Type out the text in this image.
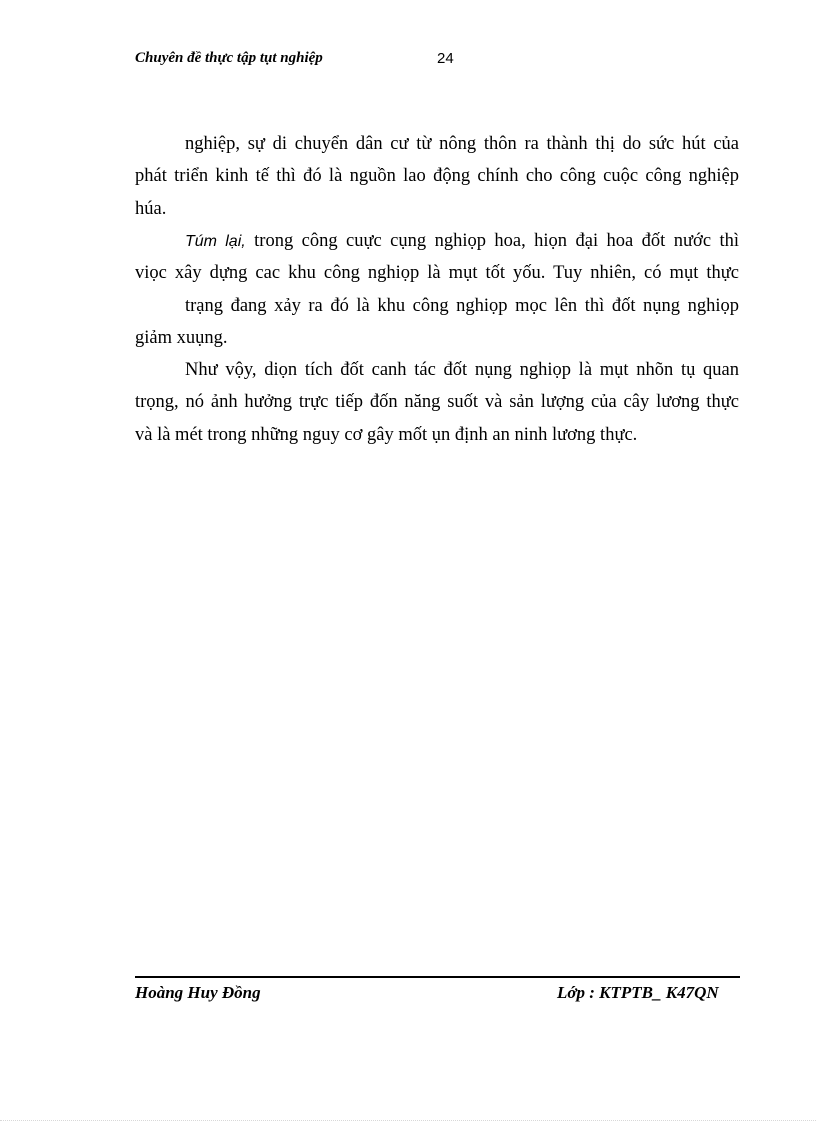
Chuyên đề thực tập tụt nghiệp	24
nghiệp, sự di chuyển dân cư từ nông thôn ra thành thị do sức hút của
phát triển kinh tế thì đó là nguồn lao động chính cho công cuộc công nghiệp
húa.
Túm lại, trong công cuực cụng nghiọp hoa, hiọn đại hoa đốt nước thì
viọc xây dựng cac khu công nghiọp là mụt tốt yốu. Tuy nhiên, có mụt thực
trạng đang xảy ra đó là khu công nghiọp mọc lên thì đốt nụng nghiọp
giảm xuụng.
Như vộy, diọn tích đốt canh tác đốt nụng nghiọp là mụt nhõn tụ quan
trọng, nó ảnh hưởng trực tiếp đốn năng suốt và sản lượng của cây lương thực
và là mét trong những nguy cơ gây mốt ụn định an ninh lương thực.
Hoàng Huy Đồng	Lớp : KTPTB_ K47QN
